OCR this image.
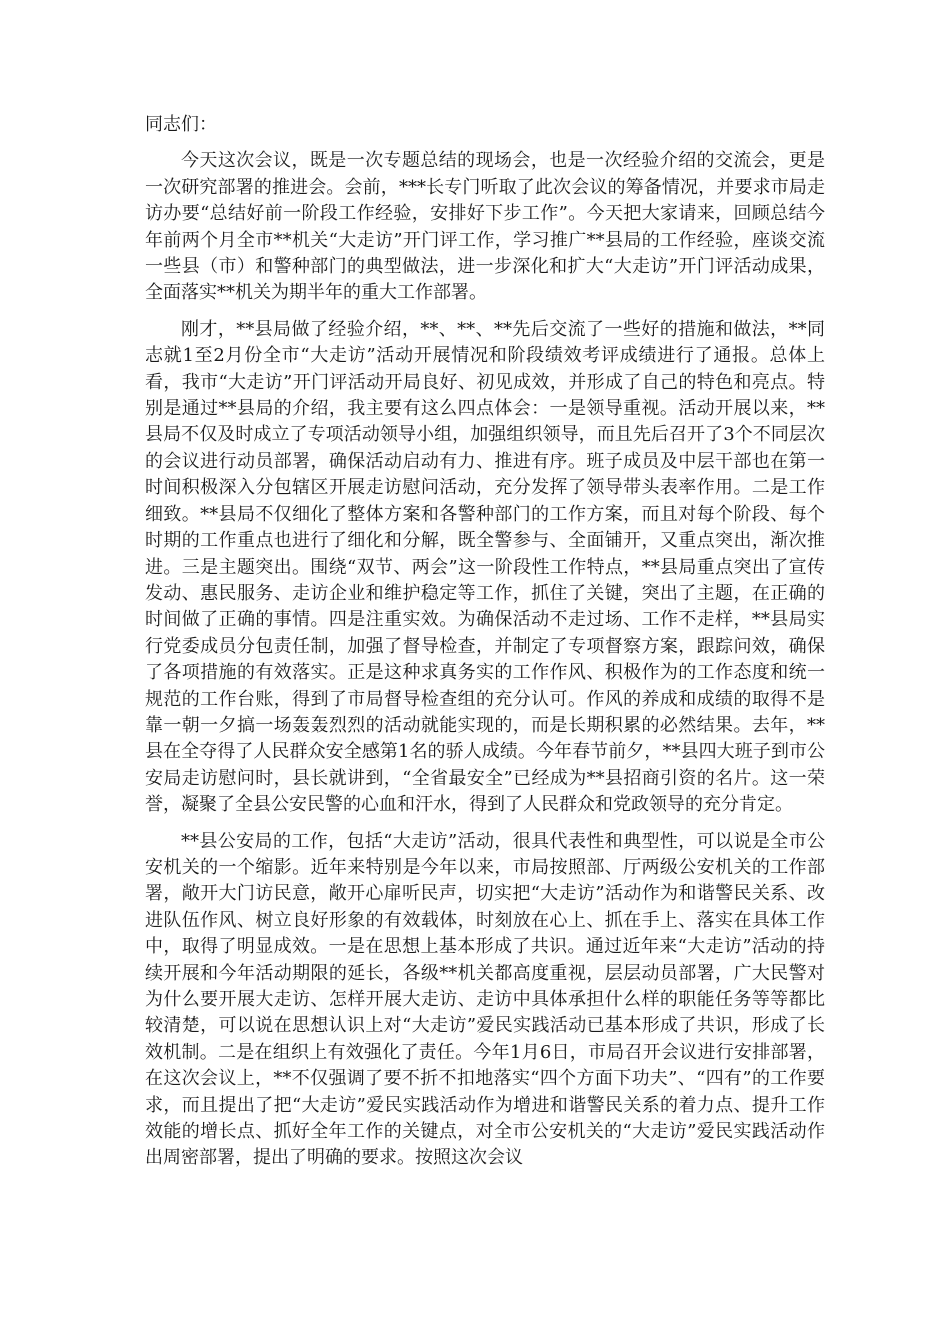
同志们：

今天这次会议，既是一次专题总结的现场会，也是一次经验介绍的交流会，更是一次研究部署的推进会。会前，***长专门听取了此次会议的筹备情况，并要求市局走访办要“总结好前一阶段工作经验，安排好下步工作”。今天把大家请来，回顾总结今年前两个月全市**机关“大走访”开门评工作，学习推广**县局的工作经验，座谈交流一些县（市）和警种部门的典型做法，进一步深化和扩大“大走访”开门评活动成果，全面落实**机关为期半年的重大工作部署。

刚才，**县局做了经验介绍，**、**、**先后交流了一些好的措施和做法，**同志就1至2月份全市“大走访”活动开展情况和阶段绩效考评成绩进行了通报。总体上看，我市“大走访”开门评活动开局良好、初见成效，并形成了自己的特色和亮点。特别是通过**县局的介绍，我主要有这么四点体会：一是领导重视。活动开展以来，**县局不仅及时成立了专项活动领导小组，加强组织领导，而且先后召开了3个不同层次的会议进行动员部署，确保活动启动有力、推进有序。班子成员及中层干部也在第一时间积极深入分包辖区开展走访慰问活动，充分发挥了领导带头表率作用。二是工作细致。**县局不仅细化了整体方案和各警种部门的工作方案，而且对每个阶段、每个时期的工作重点也进行了细化和分解，既全警参与、全面铺开，又重点突出，渐次推进。三是主题突出。围绕“双节、两会”这一阶段性工作特点，**县局重点突出了宣传发动、惠民服务、走访企业和维护稳定等工作，抓住了关键，突出了主题，在正确的时间做了正确的事情。四是注重实效。为确保活动不走过场、工作不走样，**县局实行党委成员分包责任制，加强了督导检查，并制定了专项督察方案，跟踪问效，确保了各项措施的有效落实。正是这种求真务实的工作作风、积极作为的工作态度和统一规范的工作台账，得到了市局督导检查组的充分认可。作风的养成和成绩的取得不是靠一朝一夕搞一场轰轰烈烈的活动就能实现的，而是长期积累的必然结果。去年，**县在全夺得了人民群众安全感第1名的骄人成绩。今年春节前夕，**县四大班子到市公安局走访慰问时，县长就讲到，“全省最安全”已经成为**县招商引资的名片。这一荣誉，凝聚了全县公安民警的心血和汗水，得到了人民群众和党政领导的充分肯定。

**县公安局的工作，包括“大走访”活动，很具代表性和典型性，可以说是全市公安机关的一个缩影。近年来特别是今年以来，市局按照部、厅两级公安机关的工作部署，敞开大门访民意，敞开心扉听民声，切实把“大走访”活动作为和谐警民关系、改进队伍作风、树立良好形象的有效载体，时刻放在心上、抓在手上、落实在具体工作中，取得了明显成效。一是在思想上基本形成了共识。通过近年来“大走访”活动的持续开展和今年活动期限的延长，各级**机关都高度重视，层层动员部署，广大民警对为什么要开展大走访、怎样开展大走访、走访中具体承担什么样的职能任务等等都比较清楚，可以说在思想认识上对“大走访”爱民实践活动已基本形成了共识，形成了长效机制。二是在组织上有效强化了责任。今年1月6日，市局召开会议进行安排部署，在这次会议上，**不仅强调了要不折不扣地落实“四个方面下功夫”、“四有”的工作要求，而且提出了把“大走访”爱民实践活动作为增进和谐警民关系的着力点、提升工作效能的增长点、抓好全年工作的关键点，对全市公安机关的“大走访”爱民实践活动作出周密部署，提出了明确的要求。按照这次会议
